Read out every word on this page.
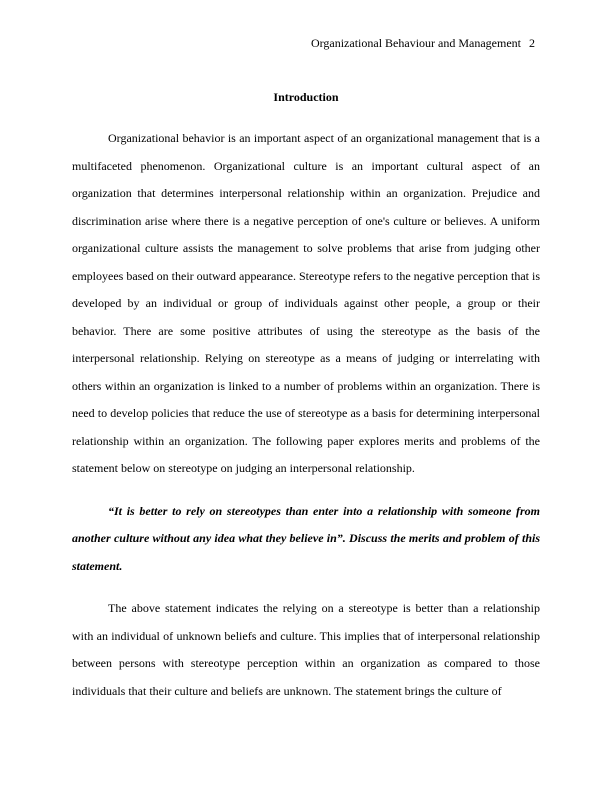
Organizational Behaviour and Management 2
Introduction

Organizational behavior is an important aspect of an organizational management that is a multifaceted phenomenon. Organizational culture is an important cultural aspect of an organization that determines interpersonal relationship within an organization. Prejudice and discrimination arise where there is a negative perception of one's culture or believes. A uniform organizational culture assists the management to solve problems that arise from judging other employees based on their outward appearance. Stereotype refers to the negative perception that is developed by an individual or group of individuals against other people, a group or their behavior. There are some positive attributes of using the stereotype as the basis of the interpersonal relationship. Relying on stereotype as a means of judging or interrelating with others within an organization is linked to a number of problems within an organization. There is need to develop policies that reduce the use of stereotype as a basis for determining interpersonal relationship within an organization. The following paper explores merits and problems of the statement below on stereotype on judging an interpersonal relationship.

“It is better to rely on stereotypes than enter into a relationship with someone from another culture without any idea what they believe in”. Discuss the merits and problem of this statement.

The above statement indicates the relying on a stereotype is better than a relationship with an individual of unknown beliefs and culture. This implies that of interpersonal relationship between persons with stereotype perception within an organization as compared to those individuals that their culture and beliefs are unknown. The statement brings the culture of
